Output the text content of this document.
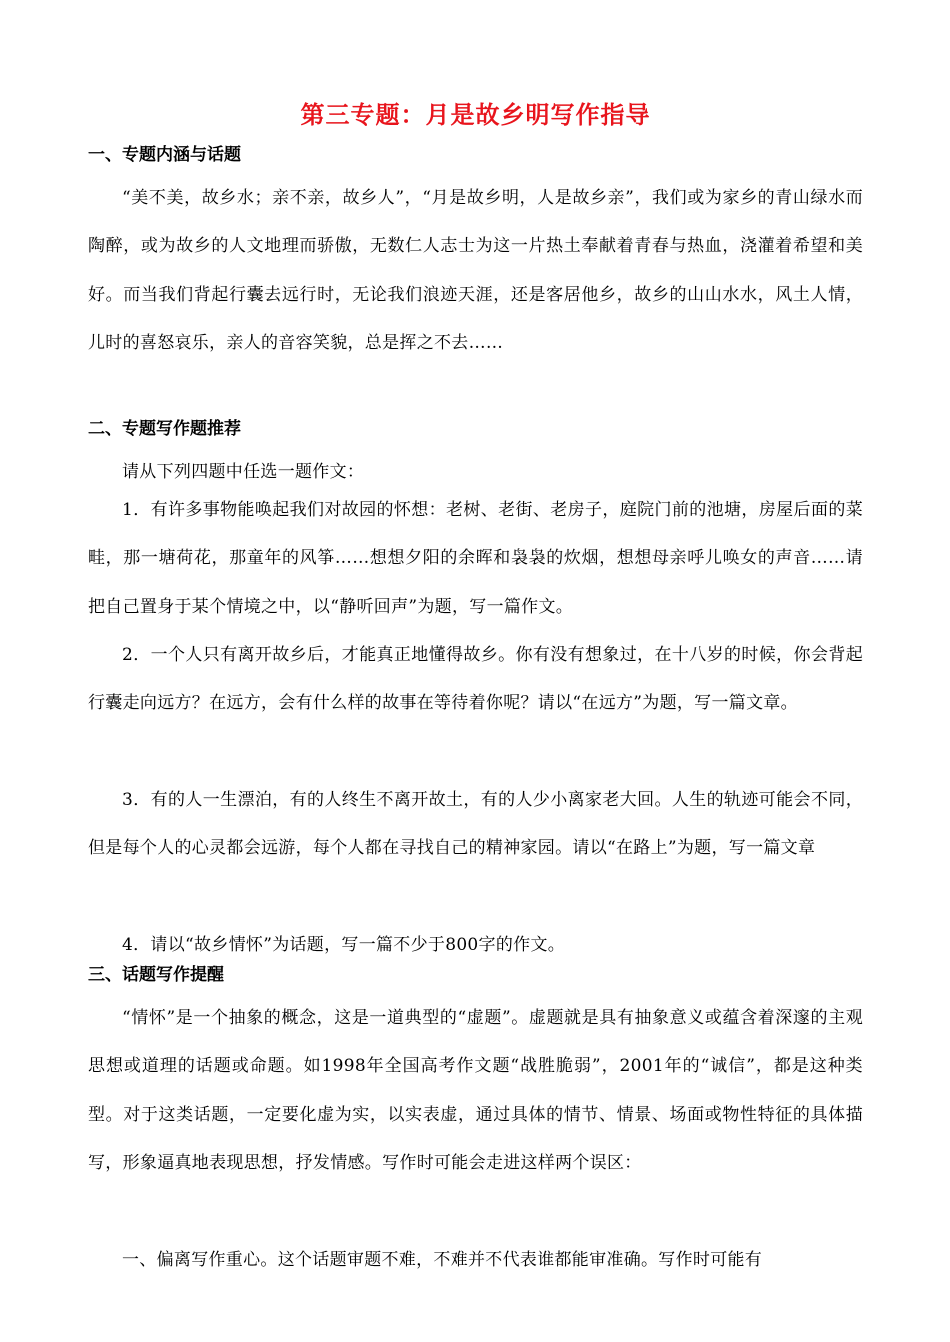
第三专题：月是故乡明写作指导
一、专题内涵与话题

“美不美，故乡水；亲不亲，故乡人”，“月是故乡明，人是故乡亲”，我们或为家乡的青山绿水而陶醉，或为故乡的人文地理而骄傲，无数仁人志士为这一片热土奉献着青春与热血，浇灌着希望和美好。而当我们背起行囊去远行时，无论我们浪迹天涯，还是客居他乡，故乡的山山水水，风土人情，儿时的喜怒哀乐，亲人的音容笑貌，总是挥之不去……

二、专题写作题推荐

请从下列四题中任选一题作文：

1．有许多事物能唤起我们对故园的怀想：老树、老街、老房子，庭院门前的池塘，房屋后面的菜畦，那一塘荷花，那童年的风筝……想想夕阳的余晖和袅袅的炊烟，想想母亲呼儿唤女的声音……请把自己置身于某个情境之中，以“静听回声”为题，写一篇作文。

2．一个人只有离开故乡后，才能真正地懂得故乡。你有没有想象过，在十八岁的时候，你会背起行囊走向远方？在远方，会有什么样的故事在等待着你呢？请以“在远方”为题，写一篇文章。

3．有的人一生漂泊，有的人终生不离开故土，有的人少小离家老大回。人生的轨迹可能会不同，但是每个人的心灵都会远游，每个人都在寻找自己的精神家园。请以“在路上”为题，写一篇文章

4．请以“故乡情怀”为话题，写一篇不少于800字的作文。

三、话题写作提醒

“情怀”是一个抽象的概念，这是一道典型的“虚题”。虚题就是具有抽象意义或蕴含着深邃的主观思想或道理的话题或命题。如1998年全国高考作文题“战胜脆弱”，2001年的“诚信”，都是这种类型。对于这类话题，一定要化虚为实，以实表虚，通过具体的情节、情景、场面或物性特征的具体描写，形象逼真地表现思想，抒发情感。写作时可能会走进这样两个误区：

一、偏离写作重心。这个话题审题不难，不难并不代表谁都能审准确。写作时可能有
